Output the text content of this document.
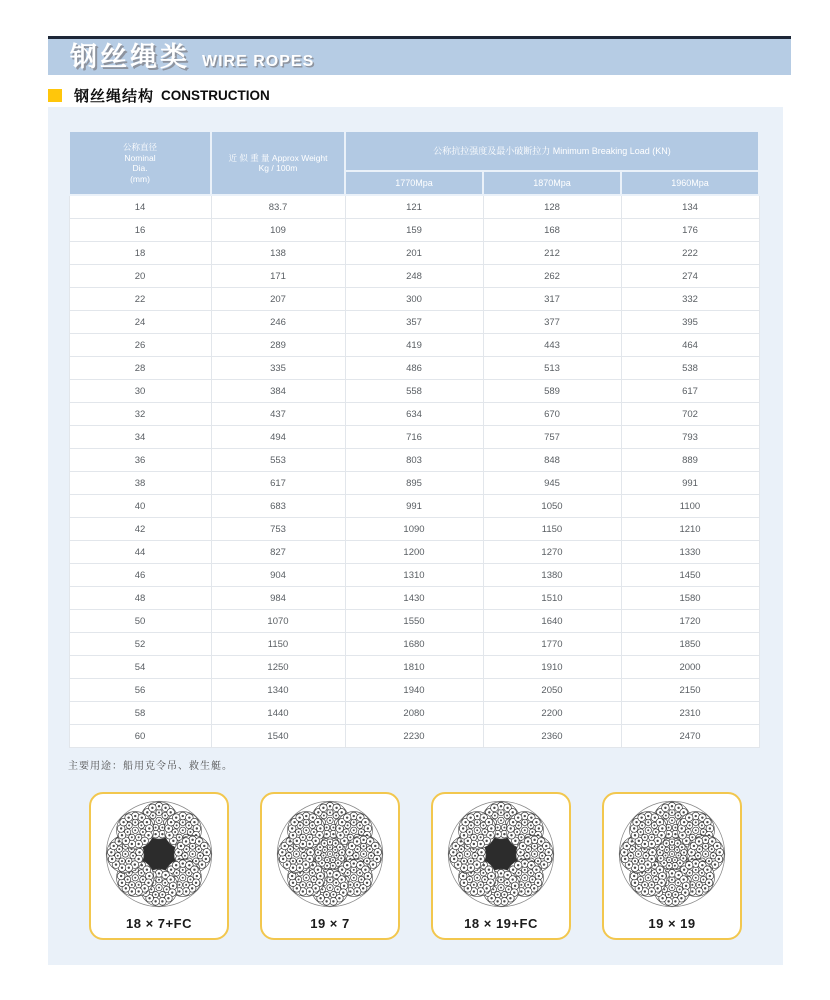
钢丝绳类 WIRE ROPES
钢丝绳结构 CONSTRUCTION
公称直径
Nominal
Dia.
(mm)

近 似 重 量 Approx Weight
Kg / 100m
	公称抗拉强度及最小破断拉力 Minimum Breaking Load (KN)
		1770Mpa	1870Mpa	1960Mpa
14	83.7	121	128	134
16	109	159	168	176
18	138	201	212	222
20	171	248	262	274
22	207	300	317	332
24	246	357	377	395
26	289	419	443	464
28	335	486	513	538
30	384	558	589	617
32	437	634	670	702
34	494	716	757	793
36	553	803	848	889
38	617	895	945	991
40	683	991	1050	1100
42	753	1090	1150	1210
44	827	1200	1270	1330
46	904	1310	1380	1450
48	984	1430	1510	1580
50	1070	1550	1640	1720
52	1150	1680	1770	1850
54	1250	1810	1910	2000
56	1340	1940	2050	2150
58	1440	2080	2200	2310
60	1540	2230	2360	2470
主要用途：船用克令吊、救生艇。
18 × 7+FC	19 × 7	18 × 19+FC	19 × 19
